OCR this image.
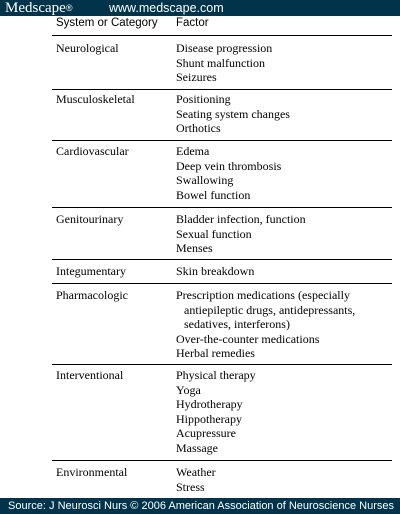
Medscape®	www.medscape.com
System or Category Factor
Neurological	Disease progression
Shunt malfunction
Seizures
Musculoskeletal	Positioning
Seating system changes
Orthotics
Cardiovascular	Edema
Deep vein thrombosis
Swallowing
Bowel function
Genitourinary	Bladder infection, function
Sexual function
Menses
Integumentary	Skin breakdown
Pharmacologic	Prescription medications (especially
antiepileptic drugs, antidepressants,
sedatives, interferons)
Over-the-counter medications
Herbal remedies
Interventional	Physical therapy
Yoga
Hydrotherapy
Hippotherapy
Acupressure
Massage
Environmental	Weather
Stress
Source: J Neurosci Nurs © 2006 American Association of Neuroscience Nurses
